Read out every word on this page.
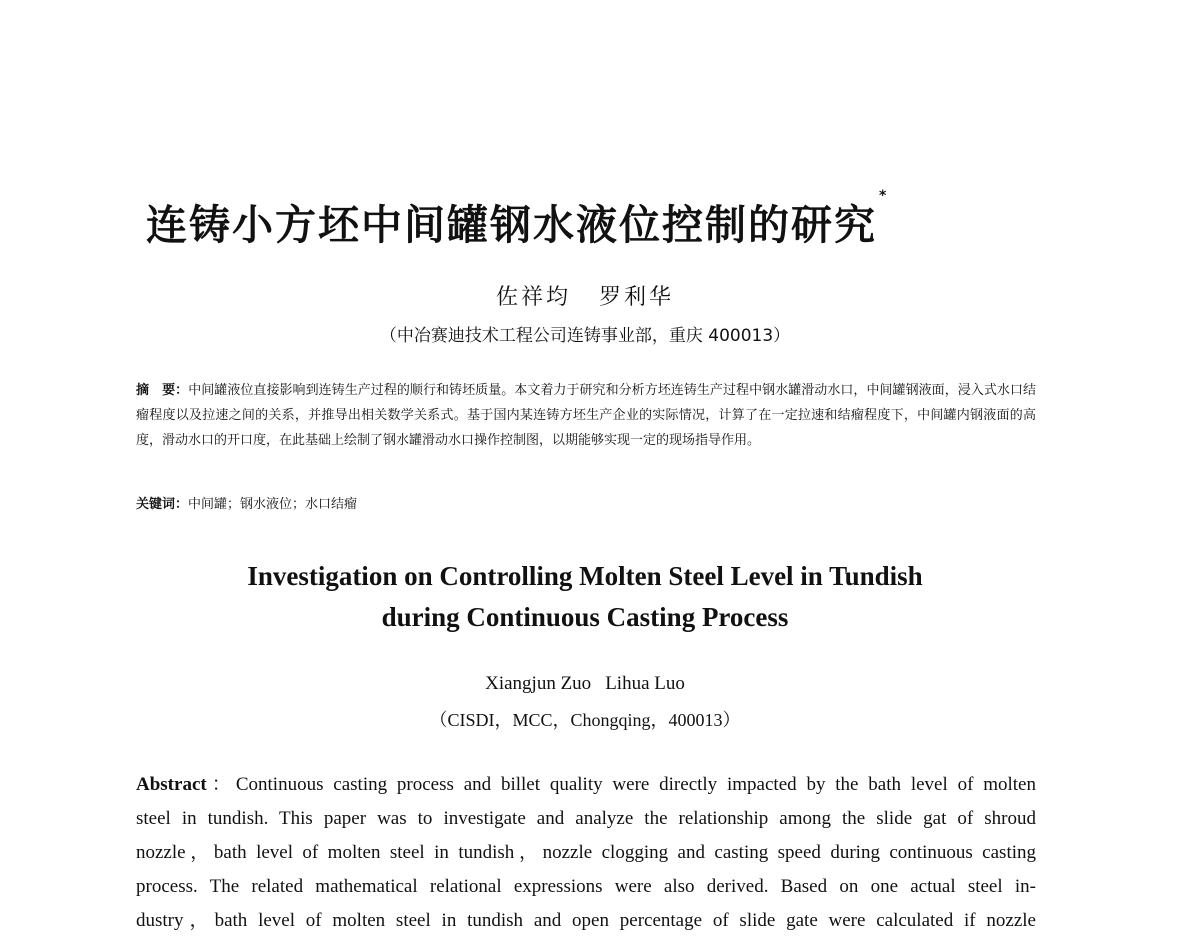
连铸小方坯中间罐钢水液位控制的研究*
佐祥均 罗利华
（中冶赛迪技术工程公司连铸事业部，重庆 400013）
摘　要：中间罐液位直接影响到连铸生产过程的顺行和铸坯质量。本文着力于研究和分析方坯连铸生产过程中钢水罐滑动水口，中间罐钢液面，浸入式水口结瘤程度以及拉速之间的关系，并推导出相关数学关系式。基于国内某连铸方坯生产企业的实际情况，计算了在一定拉速和结瘤程度下，中间罐内钢液面的高度，滑动水口的开口度，在此基础上绘制了钢水罐滑动水口操作控制图，以期能够实现一定的现场指导作用。
关键词：中间罐；钢水液位；水口结瘤
Investigation on Controlling Molten Steel Level in Tundish
during Continuous Casting Process
Xiangjun Zuo Lihua Luo
（CISDI，MCC，Chongqing，400013）
Abstract：Continuous casting process and billet quality were directly impacted by the bath level of molten
steel in tundish. This paper was to investigate and analyze the relationship among the slide gat of shroud
nozzle，bath level of molten steel in tundish，nozzle clogging and casting speed during continuous casting
process. The related mathematical relational expressions were also derived. Based on one actual steel in-
dustry，bath level of molten steel in tundish and open percentage of slide gate were calculated if nozzle
